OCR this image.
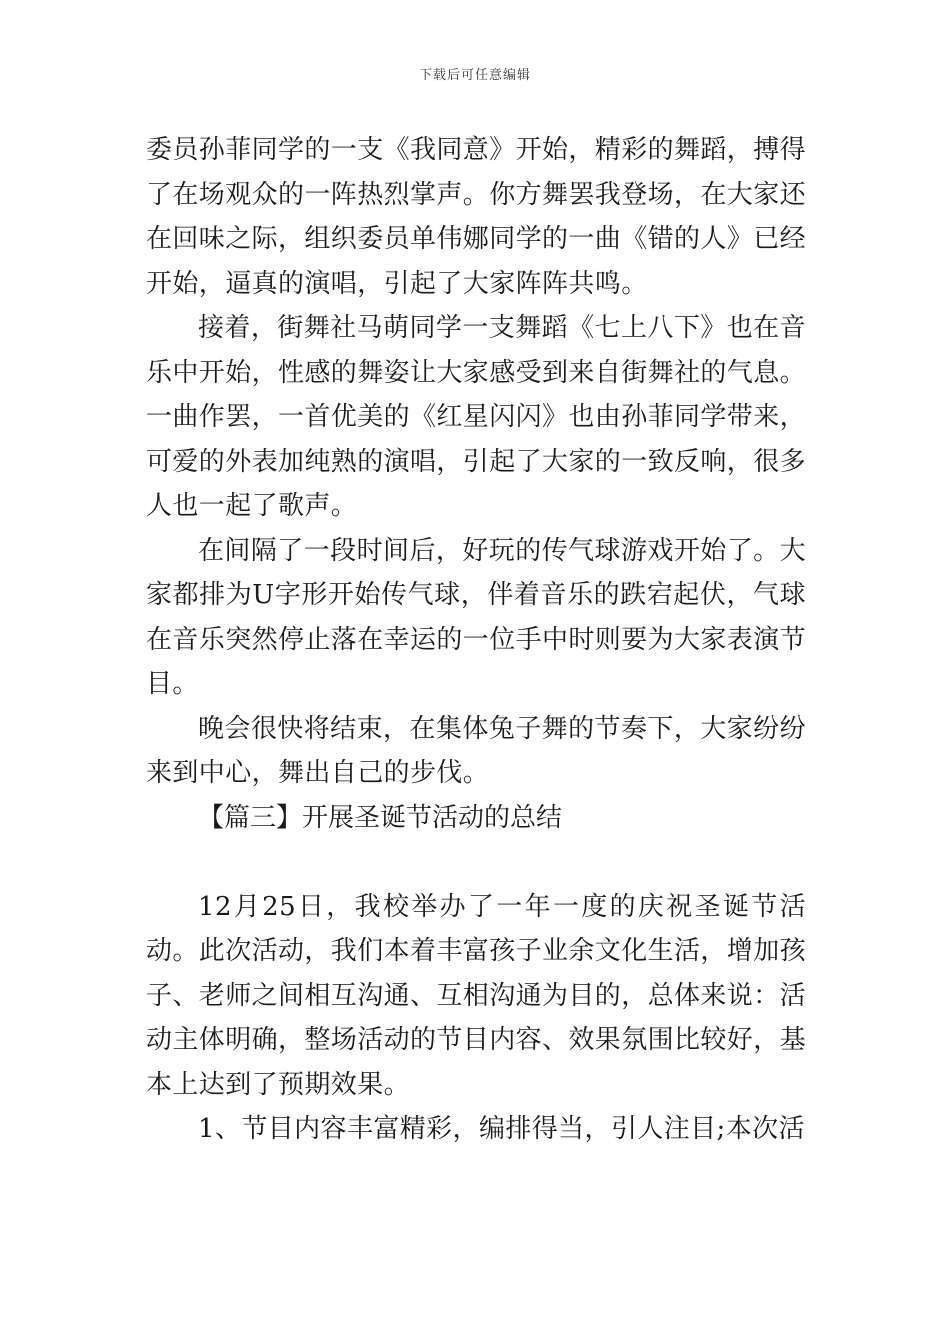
下载后可任意编辑

委员孙菲同学的一支《我同意》开始，精彩的舞蹈，搏得了在场观众的一阵热烈掌声。你方舞罢我登场，在大家还在回味之际，组织委员单伟娜同学的一曲《错的人》已经开始，逼真的演唱，引起了大家阵阵共鸣。

接着，街舞社马萌同学一支舞蹈《七上八下》也在音乐中开始，性感的舞姿让大家感受到来自街舞社的气息。一曲作罢，一首优美的《红星闪闪》也由孙菲同学带来，可爱的外表加纯熟的演唱，引起了大家的一致反响，很多人也一起了歌声。

在间隔了一段时间后，好玩的传气球游戏开始了。大家都排为U字形开始传气球，伴着音乐的跌宕起伏，气球在音乐突然停止落在幸运的一位手中时则要为大家表演节目。

晚会很快将结束，在集体兔子舞的节奏下，大家纷纷来到中心，舞出自己的步伐。

【篇三】开展圣诞节活动的总结

12月25日，我校举办了一年一度的庆祝圣诞节活动。此次活动，我们本着丰富孩子业余文化生活，增加孩子、老师之间相互沟通、互相沟通为目的，总体来说：活动主体明确，整场活动的节目内容、效果氛围比较好，基本上达到了预期效果。

1、节目内容丰富精彩，编排得当，引人注目;本次活
